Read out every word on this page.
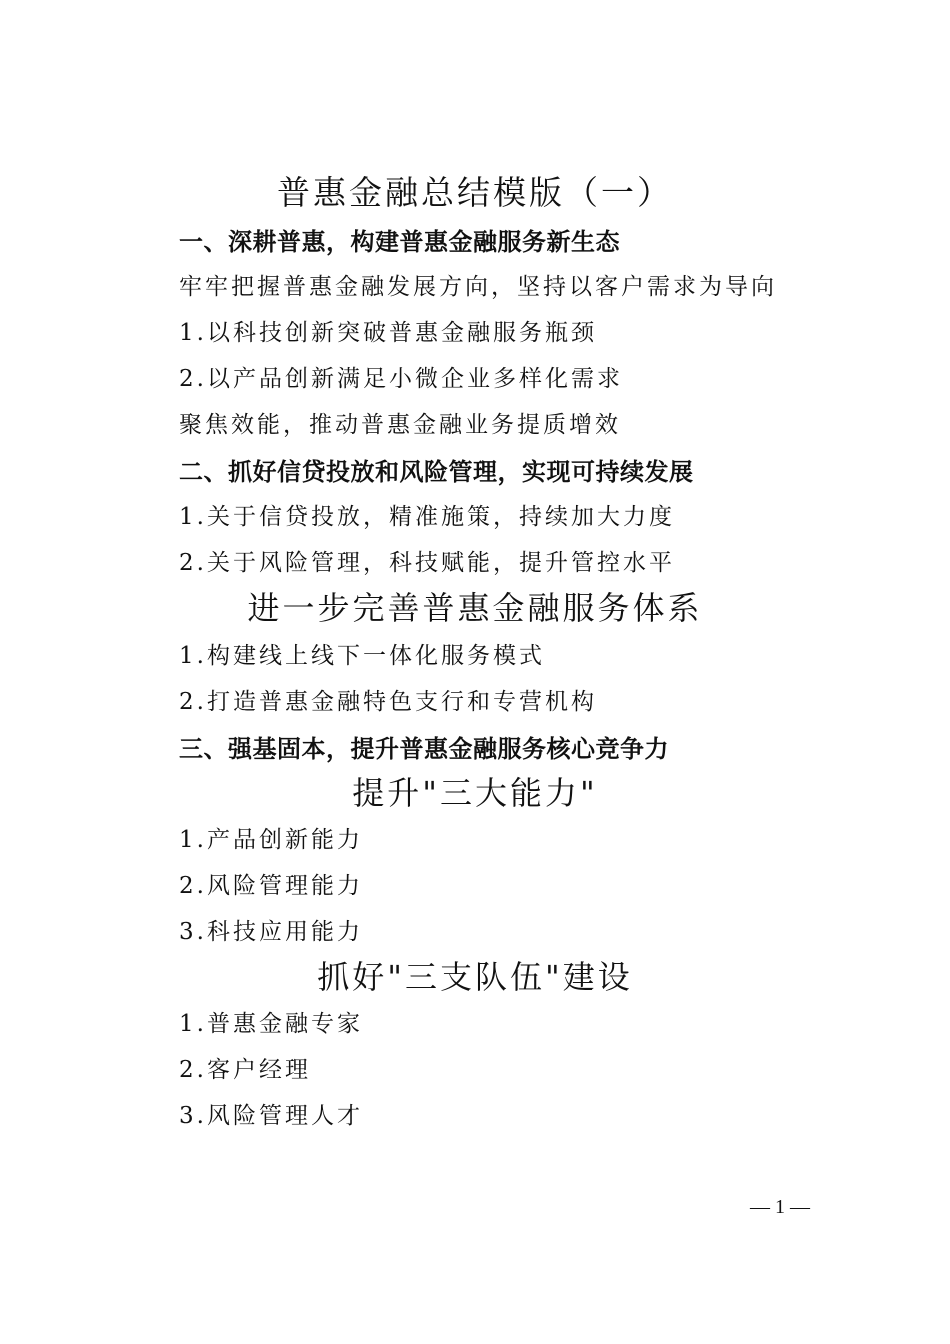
普惠金融总结模版（一）
一、深耕普惠，构建普惠金融服务新生态
牢牢把握普惠金融发展方向，坚持以客户需求为导向
1.以科技创新突破普惠金融服务瓶颈
2.以产品创新满足小微企业多样化需求
聚焦效能，推动普惠金融业务提质增效
二、抓好信贷投放和风险管理，实现可持续发展
1.关于信贷投放，精准施策，持续加大力度
2.关于风险管理，科技赋能，提升管控水平
进一步完善普惠金融服务体系
1.构建线上线下一体化服务模式
2.打造普惠金融特色支行和专营机构
三、强基固本，提升普惠金融服务核心竞争力
提升"三大能力"
1.产品创新能力
2.风险管理能力
3.科技应用能力
抓好"三支队伍"建设
1.普惠金融专家
2.客户经理
3.风险管理人才
— 1 —
